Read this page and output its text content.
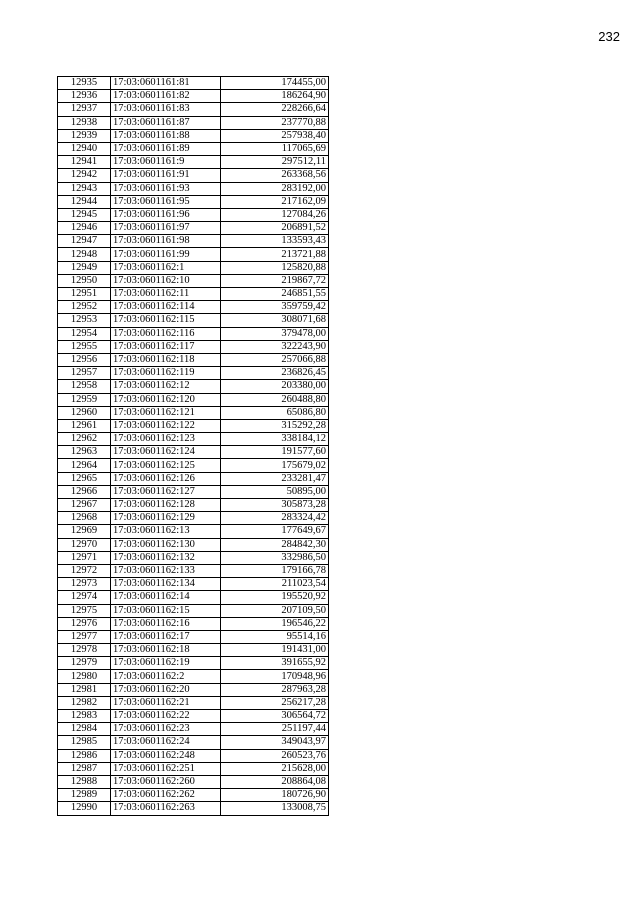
232
12935	17:03:0601161:81	174455,00
12936	17:03:0601161:82	186264,90
12937	17:03:0601161:83	228266,64
12938	17:03:0601161:87	237770,88
12939	17:03:0601161:88	257938,40
12940	17:03:0601161:89	117065,69
12941	17:03:0601161:9	297512,11
12942	17:03:0601161:91	263368,56
12943	17:03:0601161:93	283192,00
12944	17:03:0601161:95	217162,09
12945	17:03:0601161:96	127084,26
12946	17:03:0601161:97	206891,52
12947	17:03:0601161:98	133593,43
12948	17:03:0601161:99	213721,88
12949	17:03:0601162:1	125820,88
12950	17:03:0601162:10	219867,72
12951	17:03:0601162:11	246851,55
12952	17:03:0601162:114	359759,42
12953	17:03:0601162:115	308071,68
12954	17:03:0601162:116	379478,00
12955	17:03:0601162:117	322243,90
12956	17:03:0601162:118	257066,88
12957	17:03:0601162:119	236826,45
12958	17:03:0601162:12	203380,00
12959	17:03:0601162:120	260488,80
12960	17:03:0601162:121	65086,80
12961	17:03:0601162:122	315292,28
12962	17:03:0601162:123	338184,12
12963	17:03:0601162:124	191577,60
12964	17:03:0601162:125	175679,02
12965	17:03:0601162:126	233281,47
12966	17:03:0601162:127	50895,00
12967	17:03:0601162:128	305873,28
12968	17:03:0601162:129	283324,42
12969	17:03:0601162:13	177649,67
12970	17:03:0601162:130	284842,30
12971	17:03:0601162:132	332986,50
12972	17:03:0601162:133	179166,78
12973	17:03:0601162:134	211023,54
12974	17:03:0601162:14	195520,92
12975	17:03:0601162:15	207109,50
12976	17:03:0601162:16	196546,22
12977	17:03:0601162:17	95514,16
12978	17:03:0601162:18	191431,00
12979	17:03:0601162:19	391655,92
12980	17:03:0601162:2	170948,96
12981	17:03:0601162:20	287963,28
12982	17:03:0601162:21	256217,28
12983	17:03:0601162:22	306564,72
12984	17:03:0601162:23	251197,44
12985	17:03:0601162:24	349043,97
12986	17:03:0601162:248	260523,76
12987	17:03:0601162:251	215628,00
12988	17:03:0601162:260	208864,08
12989	17:03:0601162:262	180726,90
12990	17:03:0601162:263	133008,75
